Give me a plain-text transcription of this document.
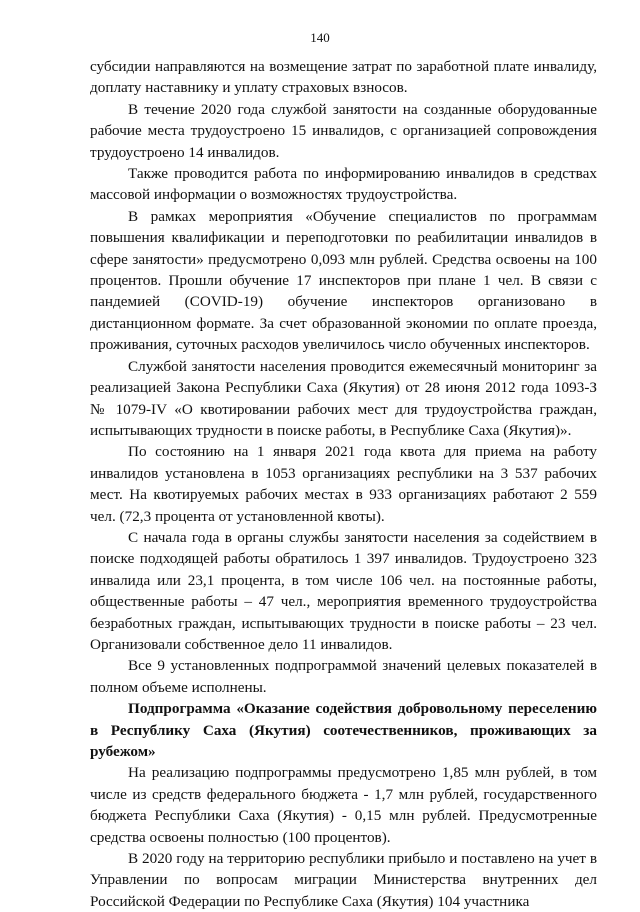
140

субсидии направляются на возмещение затрат по заработной плате инвалиду, доплату наставнику и уплату страховых взносов.

В течение 2020 года службой занятости на созданные оборудованные рабочие места трудоустроено 15 инвалидов, с организацией сопровождения трудоустроено 14 инвалидов.

Также проводится работа по информированию инвалидов в средствах массовой информации о возможностях трудоустройства.

В рамках мероприятия «Обучение специалистов по программам повышения квалификации и переподготовки по реабилитации инвалидов в сфере занятости» предусмотрено 0,093 млн рублей. Средства освоены на 100 процентов. Прошли обучение 17 инспекторов при плане 1 чел. В связи с пандемией (COVID-19) обучение инспекторов организовано в дистанционном формате. За счет образованной экономии по оплате проезда, проживания, суточных расходов увеличилось число обученных инспекторов.

Службой занятости населения проводится ежемесячный мониторинг за реализацией Закона Республики Саха (Якутия) от 28 июня 2012 года 1093-З № 1079-IV «О квотировании рабочих мест для трудоустройства граждан, испытывающих трудности в поиске работы, в Республике Саха (Якутия)».

По состоянию на 1 января 2021 года квота для приема на работу инвалидов установлена в 1053 организациях республики на 3 537 рабочих мест. На квотируемых рабочих местах в 933 организациях работают 2 559 чел. (72,3 процента от установленной квоты).

С начала года в органы службы занятости населения за содействием в поиске подходящей работы обратилось 1 397 инвалидов. Трудоустроено 323 инвалида или 23,1 процента, в том числе 106 чел. на постоянные работы, общественные работы – 47 чел., мероприятия временного трудоустройства безработных граждан, испытывающих трудности в поиске работы – 23 чел. Организовали собственное дело 11 инвалидов.

Все 9 установленных подпрограммой значений целевых показателей в полном объеме исполнены.

Подпрограмма «Оказание содействия добровольному переселению в Республику Саха (Якутия) соотечественников, проживающих за рубежом»

На реализацию подпрограммы предусмотрено 1,85 млн рублей, в том числе из средств федерального бюджета - 1,7 млн рублей, государственного бюджета Республики Саха (Якутия) - 0,15 млн рублей. Предусмотренные средства освоены полностью (100 процентов).

В 2020 году на территорию республики прибыло и поставлено на учет в Управлении по вопросам миграции Министерства внутренних дел Российской Федерации по Республике Саха (Якутия) 104 участника
